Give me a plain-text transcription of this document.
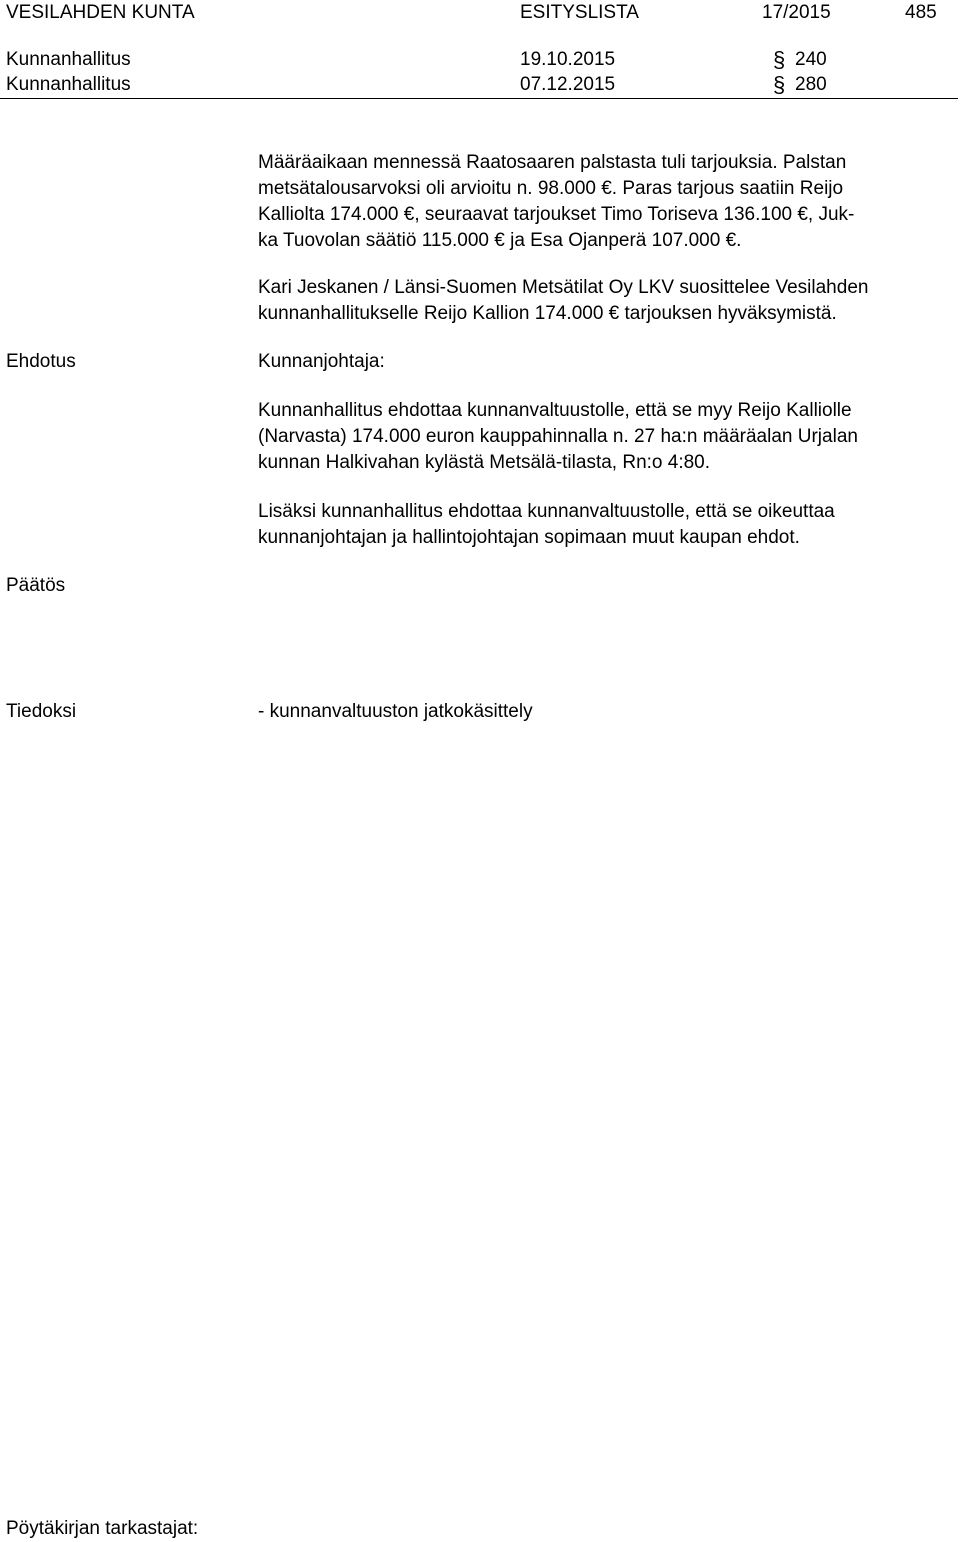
VESILAHDEN KUNTA	ESITYSLISTA	17/2015	485
Kunnanhallitus	19.10.2015	§ 240
Kunnanhallitus	07.12.2015	§ 280
Määräaikaan mennessä Raatosaaren palstasta tuli tarjouksia. Palstan
metsätalousarvoksi oli arvioitu n. 98.000 €. Paras tarjous saatiin Reijo
Kalliolta 174.000 €, seuraavat tarjoukset Timo Toriseva 136.100 €, Juk-
ka Tuovolan säätiö 115.000 € ja Esa Ojanperä 107.000 €.
Kari Jeskanen / Länsi-Suomen Metsätilat Oy LKV suosittelee Vesilahden
kunnanhallitukselle Reijo Kallion 174.000 € tarjouksen hyväksymistä.
Ehdotus	Kunnanjohtaja:
Kunnanhallitus ehdottaa kunnanvaltuustolle, että se myy Reijo Kalliolle
(Narvasta) 174.000 euron kauppahinnalla n. 27 ha:n määräalan Urjalan
kunnan Halkivahan kylästä Metsälä-tilasta, Rn:o 4:80.
Lisäksi kunnanhallitus ehdottaa kunnanvaltuustolle, että se oikeuttaa
kunnanjohtajan ja hallintojohtajan sopimaan muut kaupan ehdot.
Päätös
Tiedoksi	- kunnanvaltuuston jatkokäsittely
Pöytäkirjan tarkastajat:
